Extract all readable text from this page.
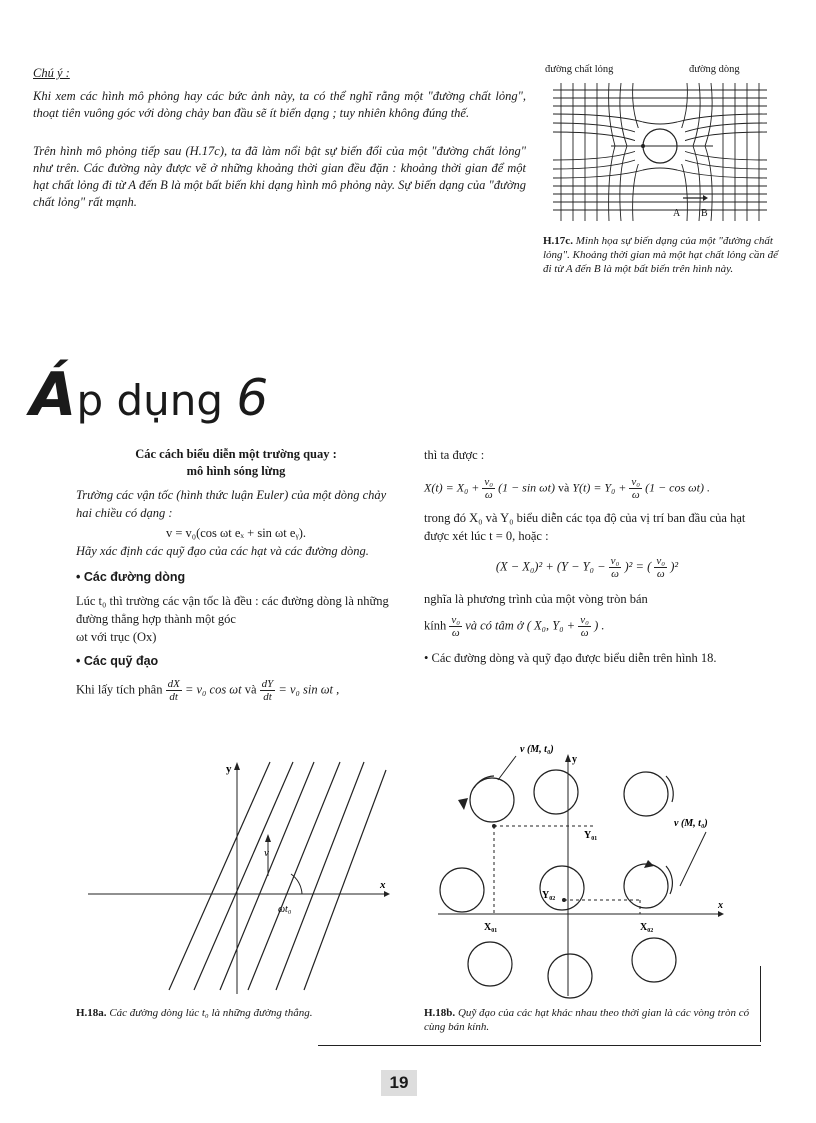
Chú ý :

Khi xem các hình mô phỏng hay các bức ảnh này, ta có thể nghĩ rằng một "đường chất lỏng", thoạt tiên vuông góc với dòng chảy ban đầu sẽ ít biến dạng ; tuy nhiên không đúng thế.

Trên hình mô phỏng tiếp sau (H.17c), ta đã làm nổi bật sự biến đổi của một "đường chất lỏng" như trên. Các đường này được vẽ ở những khoảng thời gian đều đặn : khoảng thời gian để một hạt chất lỏng đi từ A đến B là một bất biến khi dạng hình mô phỏng này. Sự biến dạng của "đường chất lỏng" rất mạnh.

đường chất lỏng	đường dòng
A B

H.17c. Minh họa sự biến dạng của một "đường chất lỏng". Khoảng thời gian mà một hạt chất lỏng cần để đi từ A đến B là một bất biến trên hình này.

Áp dụng 6
Các cách biểu diễn một trường quay :
mô hình sóng lừng

Trường các vận tốc (hình thức luận Euler) của một dòng chảy hai chiều có dạng :

v = v₀(cos ωt eₓ + sin ωt eᵧ).

Hãy xác định các quỹ đạo của các hạt và các đường dòng.

• Các đường dòng

Lúc t₀ thì trường các vận tốc là đều : các đường dòng là những đường thẳng hợp thành một góc

ωt với trục (Ox)

• Các quỹ đạo

Khi lấy tích phân $\frac{dX}{dt} = v_0$ cos ωt và $\frac{dY}{dt} = v_0$ sin ωt ,
v
y
x
ωt₀

H.18a. Các đường dòng lúc t₀ là những đường thẳng.

thì ta được :

$X(t) = X_0 + \frac{\text{v₀}}{\omega} (1 - \sin \omega t)$ và $Y(t) = Y_0 + \frac{\text{v₀}}{\omega} (1 - \cos \omega t)$ .

trong đó X₀ và Y₀ biểu diễn các tọa độ của vị trí ban đầu của hạt được xét lúc t = 0, hoặc :

$(X - X_0)^2 + (Y - Y_0 - \frac{\text{v₀}}{\omega} )^2$ = ( $\frac{\text{v₀}}{\omega} )^2$

nghĩa là phương trình của một vòng tròn bán

kính $\frac{\text{v₀}}{\omega}$ và có tâm ở ( X₀, $Y_0 + \frac{\text{v₀}}{\omega}$ ) .

• Các đường dòng và quỹ đạo được biểu diễn trên hình 18.

v (M, t₀)
v (M, t₀)
y
x
Y₀₁
Y₀₂
X₀₁	X₀₂

H.18b. Quỹ đạo của các hạt khác nhau theo thời gian là các vòng tròn có cùng bán kính.

19
